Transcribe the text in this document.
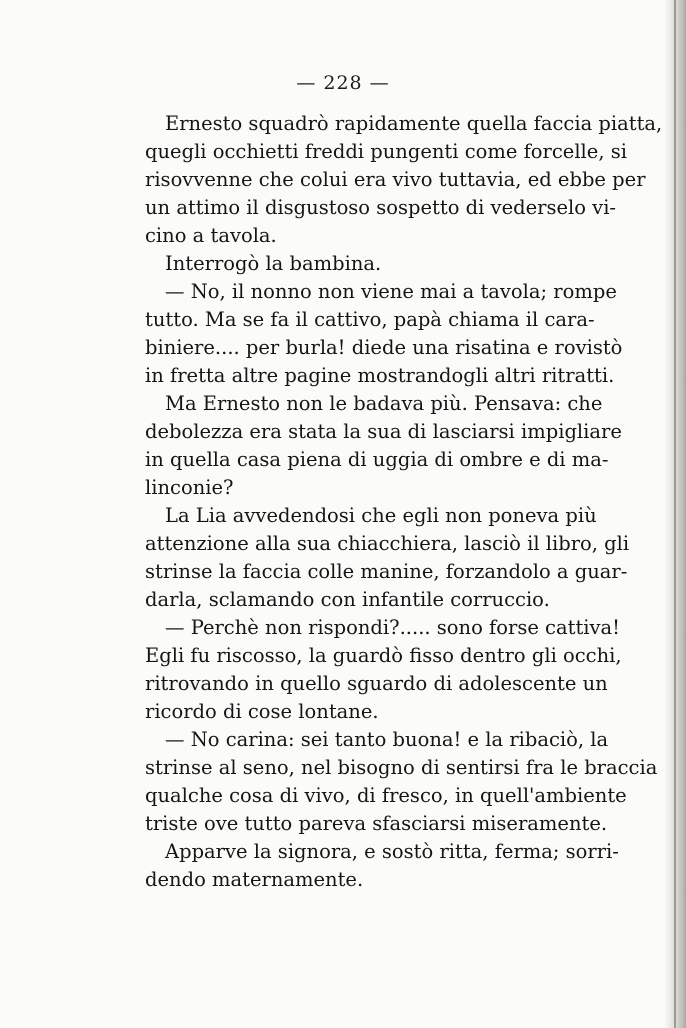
— 228 —
Ernesto squadrò rapidamente quella faccia piatta,
quegli occhietti freddi pungenti come forcelle, si
risovvenne che colui era vivo tuttavia, ed ebbe per
un attimo il disgustoso sospetto di vederselo vi-
cino a tavola.
Interrogò la bambina.
— No, il nonno non viene mai a tavola; rompe
tutto. Ma se fa il cattivo, papà chiama il cara-
biniere.... per burla! diede una risatina e rovistò
in fretta altre pagine mostrandogli altri ritratti.
Ma Ernesto non le badava più. Pensava: che
debolezza era stata la sua di lasciarsi impigliare
in quella casa piena di uggia di ombre e di ma-
linconie?
La Lia avvedendosi che egli non poneva più
attenzione alla sua chiacchiera, lasciò il libro, gli
strinse la faccia colle manine, forzandolo a guar-
darla, sclamando con infantile corruccio.
— Perchè non rispondi?..... sono forse cattiva!
Egli fu riscosso, la guardò fisso dentro gli occhi,
ritrovando in quello sguardo di adolescente un
ricordo di cose lontane.
— No carina: sei tanto buona! e la ribaciò, la
strinse al seno, nel bisogno di sentirsi fra le braccia
qualche cosa di vivo, di fresco, in quell'ambiente
triste ove tutto pareva sfasciarsi miseramente.
Apparve la signora, e sostò ritta, ferma; sorri-
dendo maternamente.
